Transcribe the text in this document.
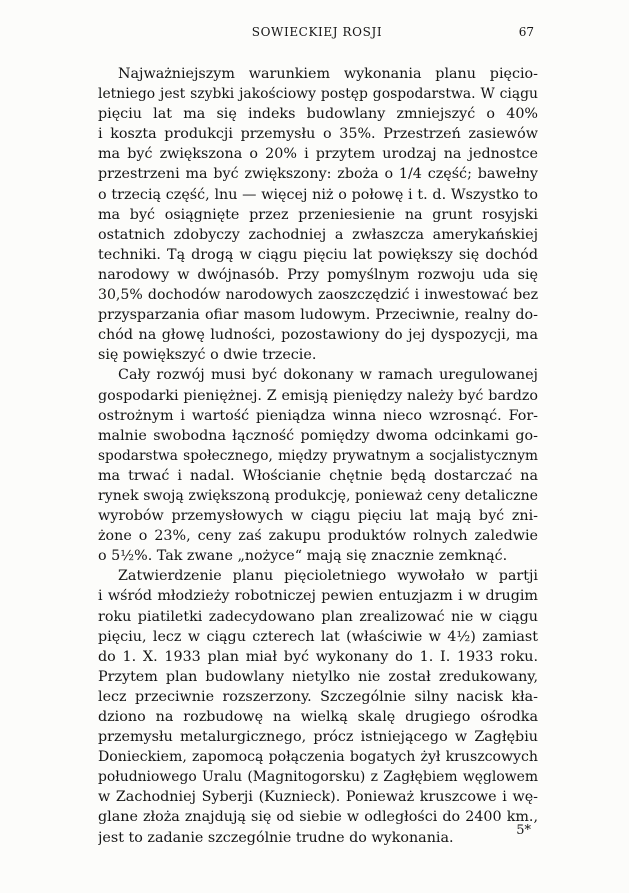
SOWIECKIEJ ROSJI	67
Najważniejszym warunkiem wykonania planu pięcio-
letniego jest szybki jakościowy postęp gospodarstwa. W ciągu
pięciu lat ma się indeks budowlany zmniejszyć o 40%
i koszta produkcji przemysłu o 35%. Przestrzeń zasiewów
ma być zwiększona o 20% i przytem urodzaj na jednostce
przestrzeni ma być zwiększony: zboża o 1/4 część; bawełny
o trzecią część, lnu — więcej niż o połowę i t. d. Wszystko to
ma być osiągnięte przez przeniesienie na grunt rosyjski
ostatnich zdobyczy zachodniej a zwłaszcza amerykańskiej
techniki. Tą drogą w ciągu pięciu lat powiększy się dochód
narodowy w dwójnasób. Przy pomyślnym rozwoju uda się
30,5% dochodów narodowych zaoszczędzić i inwestować bez
przysparzania ofiar masom ludowym. Przeciwnie, realny do-
chód na głowę ludności, pozostawiony do jej dyspozycji, ma
się powiększyć o dwie trzecie.
Cały rozwój musi być dokonany w ramach uregulowanej
gospodarki pieniężnej. Z emisją pieniędzy należy być bardzo
ostrożnym i wartość pieniądza winna nieco wzrosnąć. For-
malnie swobodna łączność pomiędzy dwoma odcinkami go-
spodarstwa społecznego, między prywatnym a socjalistycznym
ma trwać i nadal. Włościanie chętnie będą dostarczać na
rynek swoją zwiększoną produkcję, ponieważ ceny detaliczne
wyrobów przemysłowych w ciągu pięciu lat mają być zni-
żone o 23%, ceny zaś zakupu produktów rolnych zaledwie
o 5½%. Tak zwane „nożyce“ mają się znacznie zemknąć.
Zatwierdzenie planu pięcioletniego wywołało w partji
i wśród młodzieży robotniczej pewien entuzjazm i w drugim
roku piatiletki zadecydowano plan zrealizować nie w ciągu
pięciu, lecz w ciągu czterech lat (właściwie w 4½) zamiast
do 1. X. 1933 plan miał być wykonany do 1. I. 1933 roku.
Przytem plan budowlany nietylko nie został zredukowany,
lecz przeciwnie rozszerzony. Szczególnie silny nacisk kła-
dziono na rozbudowę na wielką skalę drugiego ośrodka
przemysłu metalurgicznego, prócz istniejącego w Zagłębiu
Donieckiem, zapomocą połączenia bogatych żył kruszcowych
południowego Uralu (Magnitogorsku) z Zagłębiem węglowem
w Zachodniej Syberji (Kuznieck). Ponieważ kruszcowe i wę-
glane złoża znajdują się od siebie w odległości do 2400 km.,
jest to zadanie szczególnie trudne do wykonania.	5*
